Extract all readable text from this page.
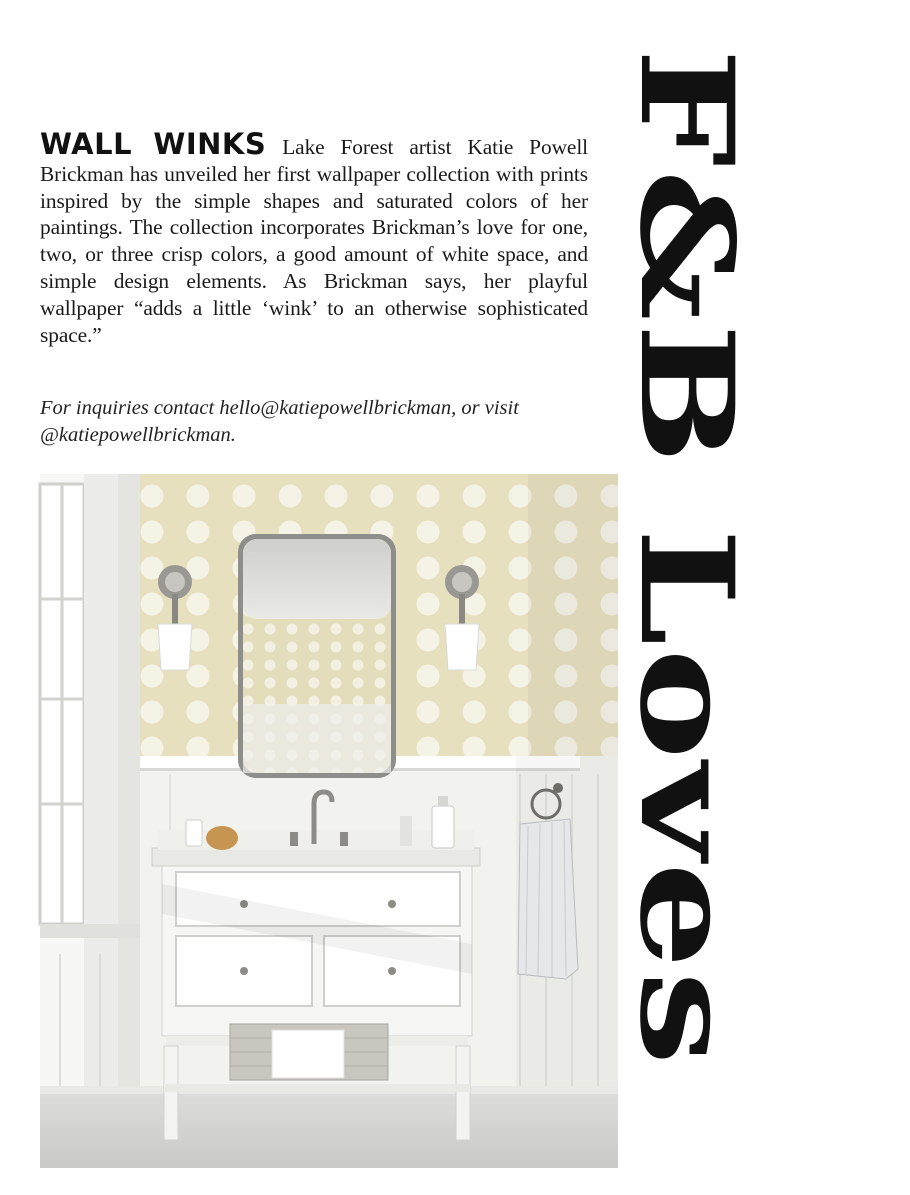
WALL WINKS Lake Forest artist Katie Powell Brickman has unveiled her first wallpaper collection with prints inspired by the simple shapes and saturated colors of her paintings. The collection incorporates Brickman’s love for one, two, or three crisp colors, a good amount of white space, and simple design elements. As Brickman says, her playful wallpaper “adds a little ‘wink’ to an otherwise sophisticated space.”
For inquiries contact hello@katiepowellbrickman, or visit
@katiepowellbrickman.	F&B Loves
